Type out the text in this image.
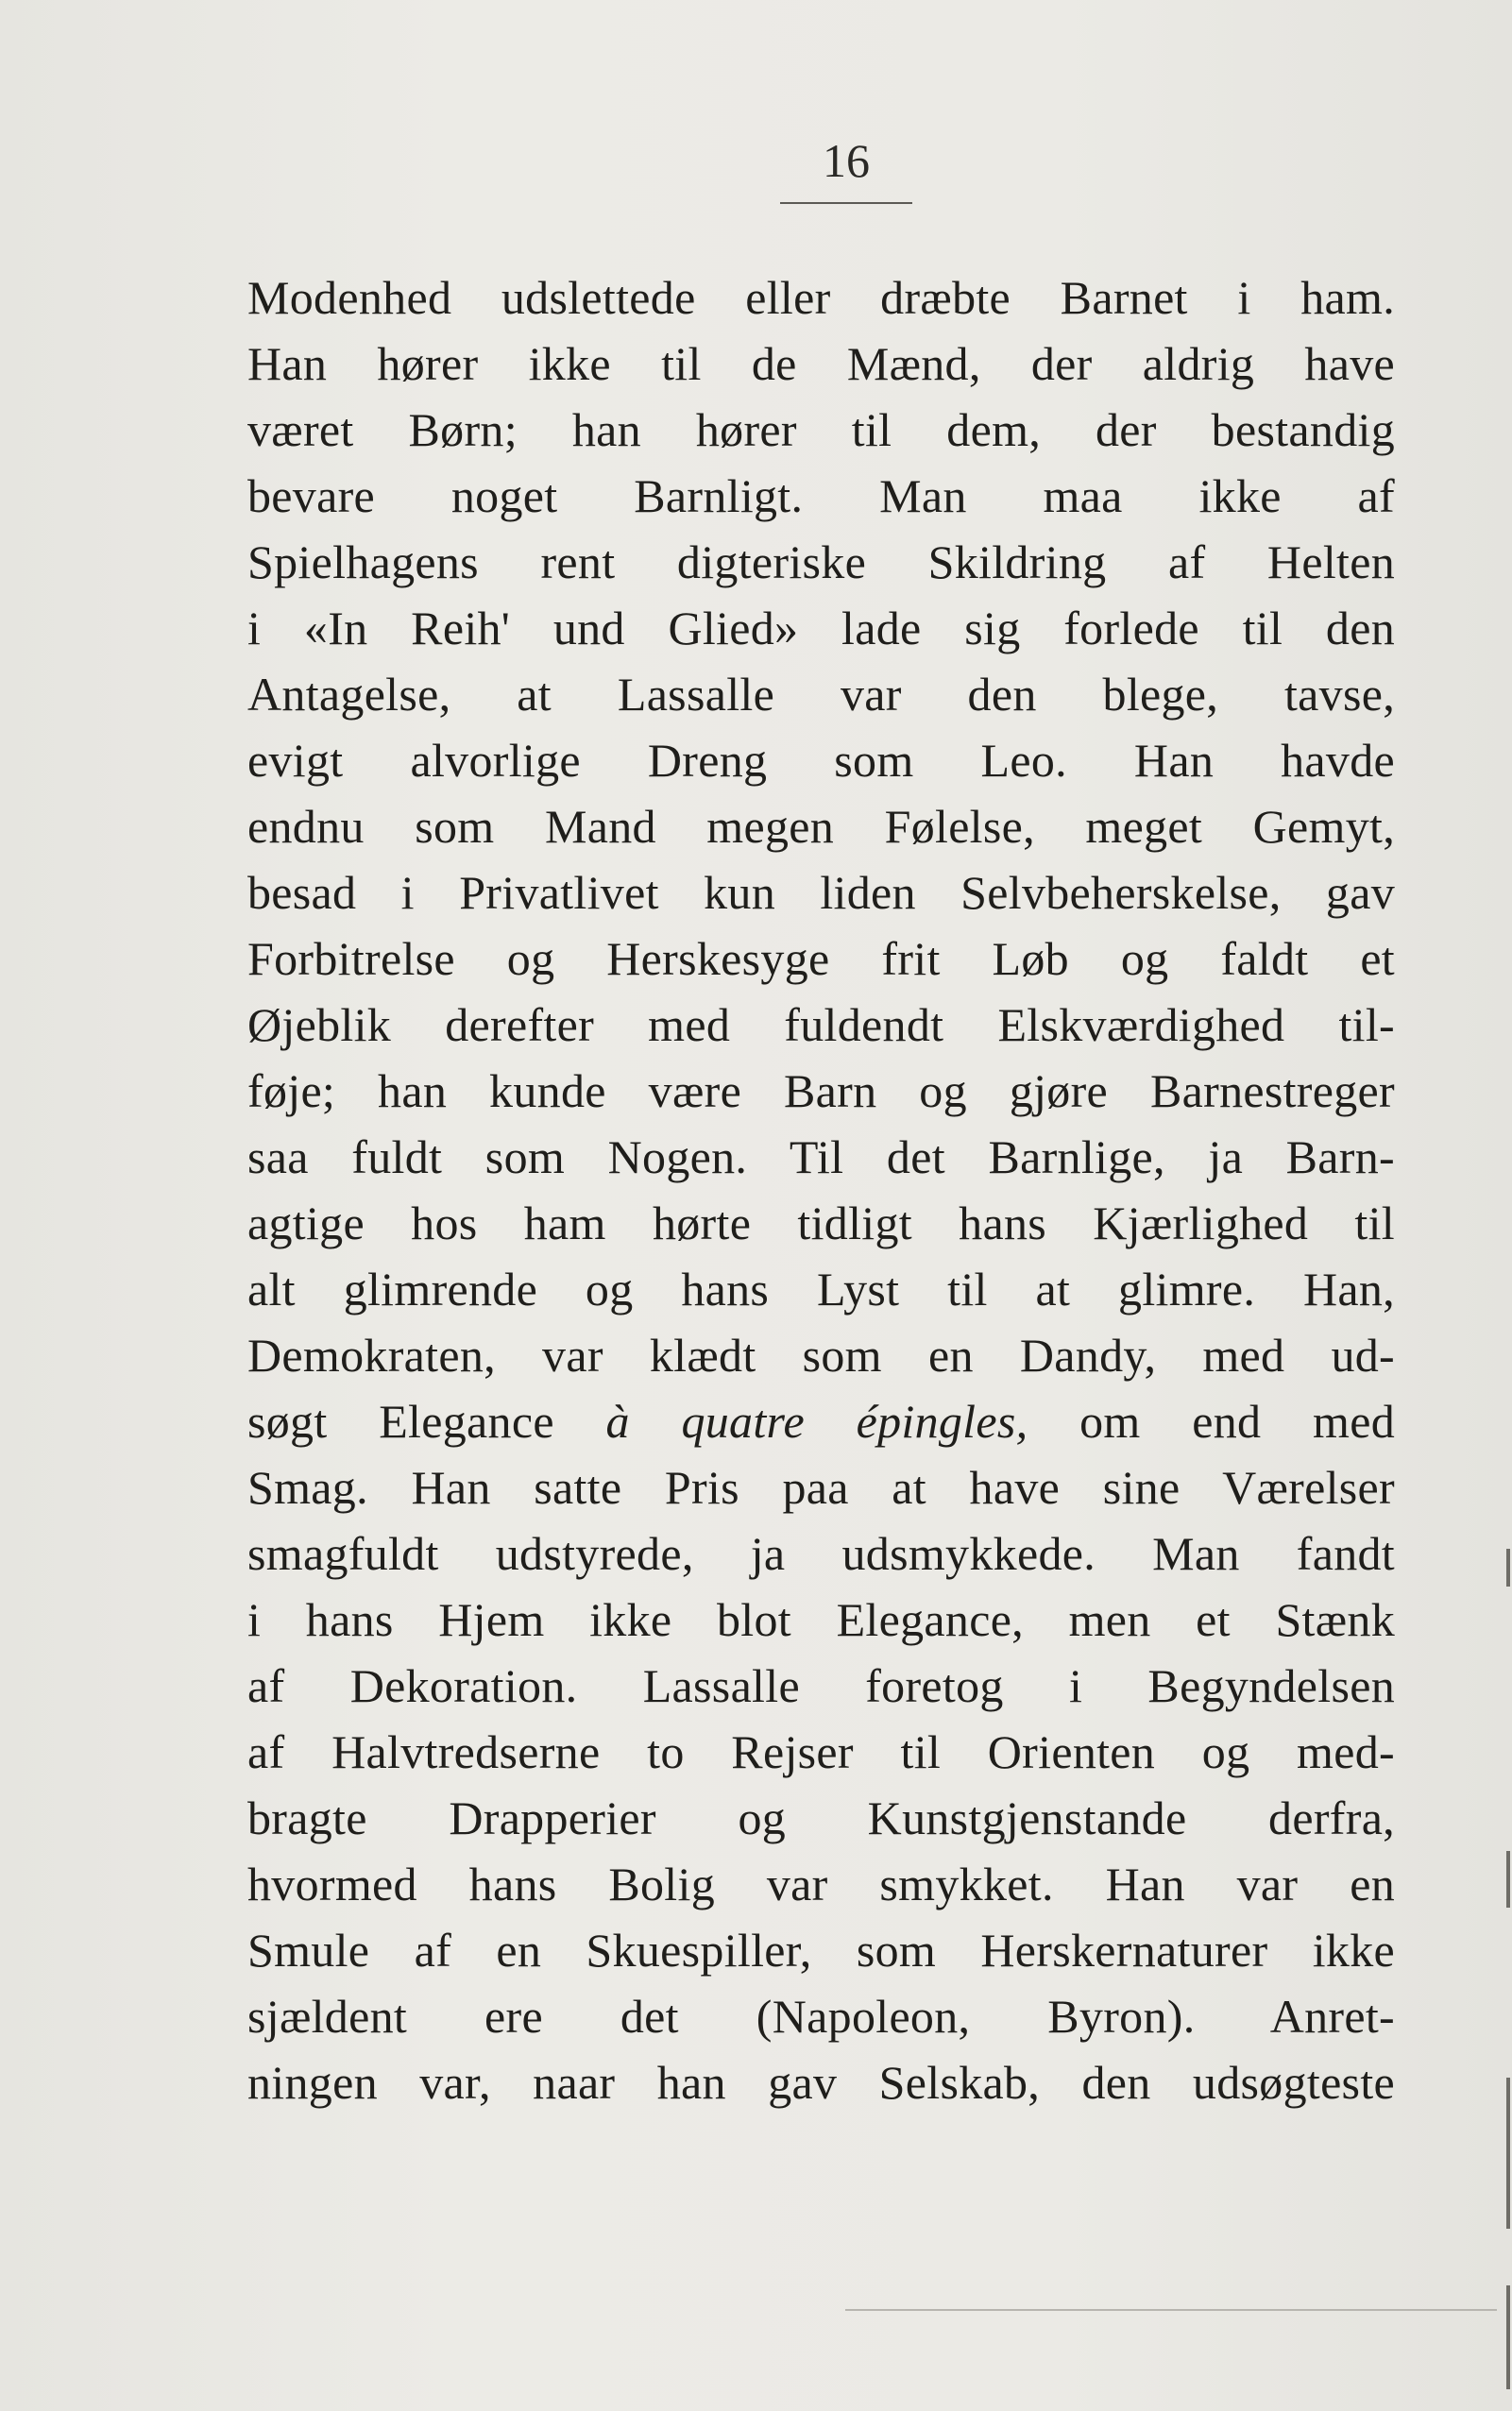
16
Modenhed udslettede eller dræbte Barnet i ham.
Han hører ikke til de Mænd, der aldrig have
været Børn; han hører til dem, der bestandig
bevare noget Barnligt. Man maa ikke af
Spielhagens rent digteriske Skildring af Helten
i «In Reih' und Glied» lade sig forlede til den
Antagelse, at Lassalle var den blege, tavse,
evigt alvorlige Dreng som Leo. Han havde
endnu som Mand megen Følelse, meget Gemyt,
besad i Privatlivet kun liden Selvbeherskelse, gav
Forbitrelse og Herskesyge frit Løb og faldt et
Øjeblik derefter med fuldendt Elskværdighed til-
føje; han kunde være Barn og gjøre Barnestreger
saa fuldt som Nogen. Til det Barnlige, ja Barn-
agtige hos ham hørte tidligt hans Kjærlighed til
alt glimrende og hans Lyst til at glimre. Han,
Demokraten, var klædt som en Dandy, med ud-
søgt Elegance à quatre épingles, om end med
Smag. Han satte Pris paa at have sine Værelser
smagfuldt udstyrede, ja udsmykkede. Man fandt
i hans Hjem ikke blot Elegance, men et Stænk
af Dekoration. Lassalle foretog i Begyndelsen
af Halvtredserne to Rejser til Orienten og med-
bragte Drapperier og Kunstgjenstande derfra,
hvormed hans Bolig var smykket. Han var en
Smule af en Skuespiller, som Herskernaturer ikke
sjældent ere det (Napoleon, Byron). Anret-
ningen var, naar han gav Selskab, den udsøgteste
